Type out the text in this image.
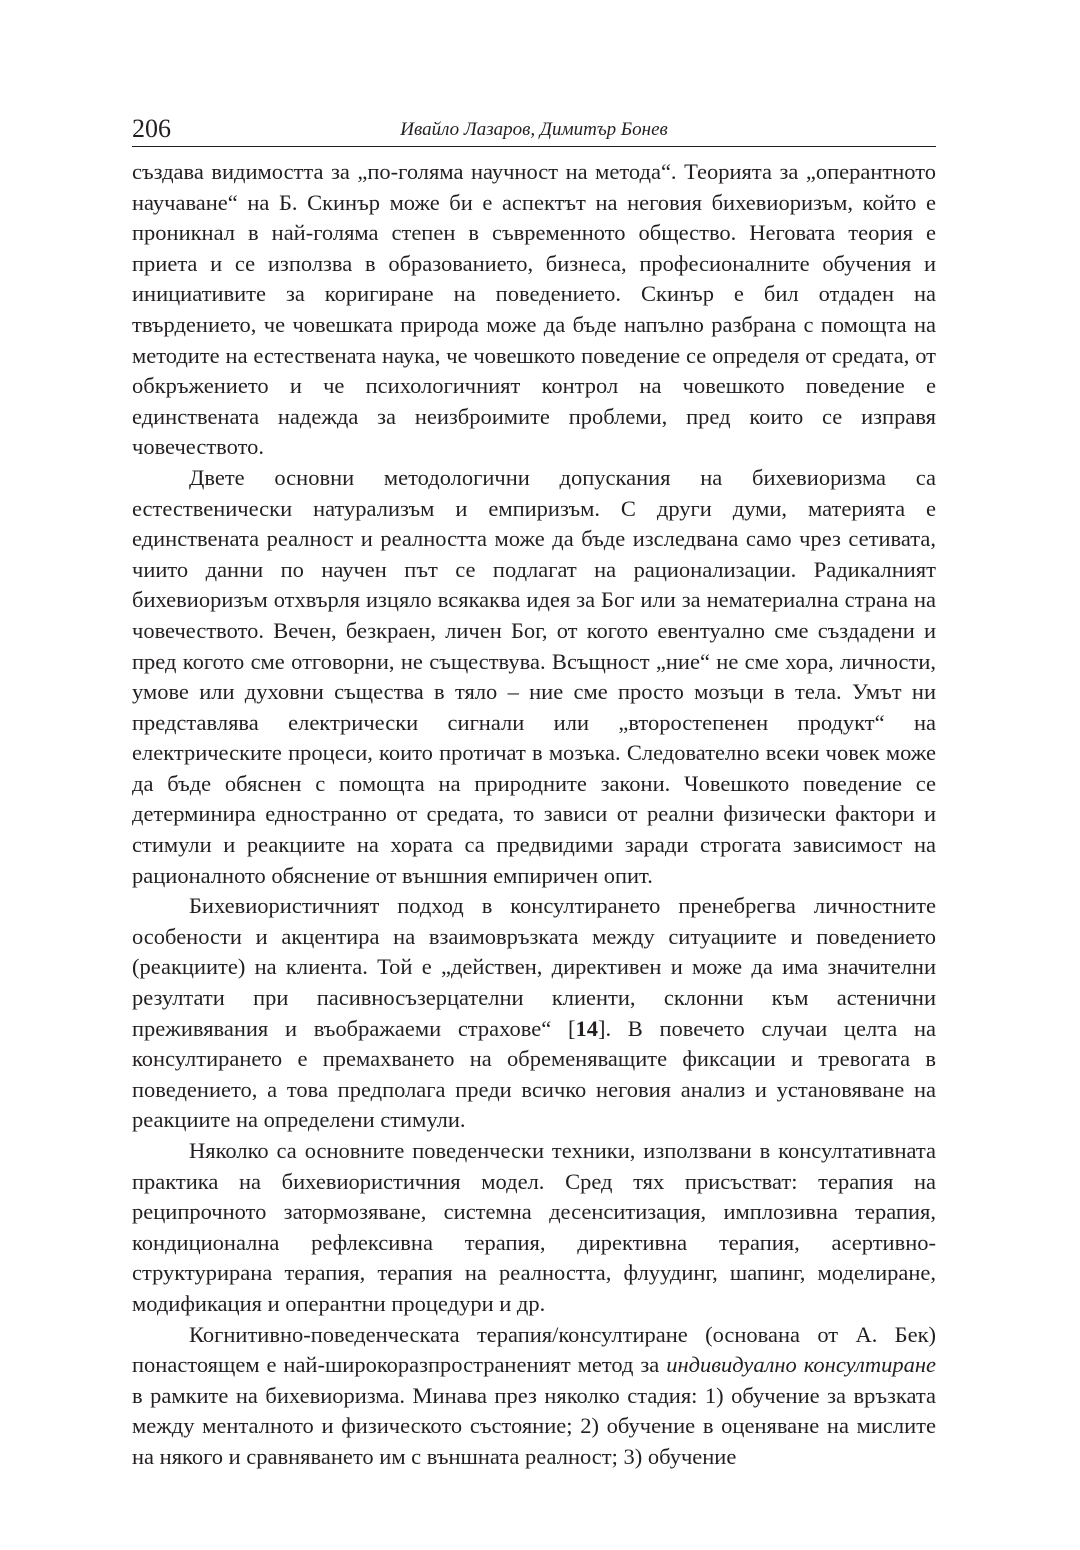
206	Ивайло Лазаров, Димитър Бонев

създава видимостта за „по-голяма научност на метода“. Теорията за „оперантното научаване“ на Б. Скинър може би е аспектът на неговия бихевиоризъм, който е проникнал в най-голяма степен в съвременното общество. Неговата теория е приета и се използва в образованието, бизнеса, професионалните обучения и инициативите за коригиране на поведението. Скинър е бил отдаден на твърдението, че човешката природа може да бъде напълно разбрана с помощта на методите на естествената наука, че човешкото поведение се определя от средата, от обкръжението и че психологичният контрол на човешкото поведение е единствената надежда за неизброимите проблеми, пред които се изправя човечеството.

Двете основни методологични допускания на бихевиоризма са естественически натурализъм и емпиризъм. С други думи, материята е единствената реалност и реалността може да бъде изследвана само чрез сетивата, чиито данни по научен път се подлагат на рационализации. Радикалният бихевиоризъм отхвърля изцяло всякаква идея за Бог или за нематериална страна на човечеството. Вечен, безкраен, личен Бог, от когото евентуално сме създадени и пред когото сме отговорни, не съществува. Всъщност „ние“ не сме хора, личности, умове или духовни същества в тяло – ние сме просто мозъци в тела. Умът ни представлява електрически сигнали или „второстепенен продукт“ на електрическите процеси, които протичат в мозъка. Следователно всеки човек може да бъде обяснен с помощта на природните закони. Човешкото поведение се детерминира едностранно от средата, то зависи от реални физически фактори и стимули и реакциите на хората са предвидими заради строгата зависимост на рационалното обяснение от външния емпиричен опит.

Бихевиористичният подход в консултирането пренебрегва личностните особености и акцентира на взаимовръзката между ситуациите и поведението (реакциите) на клиента. Той е „действен, директивен и може да има значителни резултати при пасивносъзерцателни клиенти, склонни към астенични преживявания и въображаеми страхове“ [14]. В повечето случаи целта на консултирането е премахването на обременяващите фиксации и тревогата в поведението, а това предполага преди всичко неговия анализ и установяване на реакциите на определени стимули.

Няколко са основните поведенчески техники, използвани в консултативната практика на бихевиористичния модел. Сред тях присъстват: терапия на реципрочното затормозяване, системна десенситизация, имплозивна терапия, кондиционална рефлексивна терапия, директивна терапия, асертивно-структурирана терапия, терапия на реалността, флуудинг, шапинг, моделиране, модификация и оперантни процедури и др.

Когнитивно-поведенческата терапия/консултиране (основана от А. Бек) понастоящем е най-широкоразпространеният метод за индивидуално консултиране в рамките на бихевиоризма. Минава през няколко стадия: 1) обучение за връзката между менталното и физическото състояние; 2) обучение в оценяване на мислите на някого и сравняването им с външната реалност; 3) обучение
